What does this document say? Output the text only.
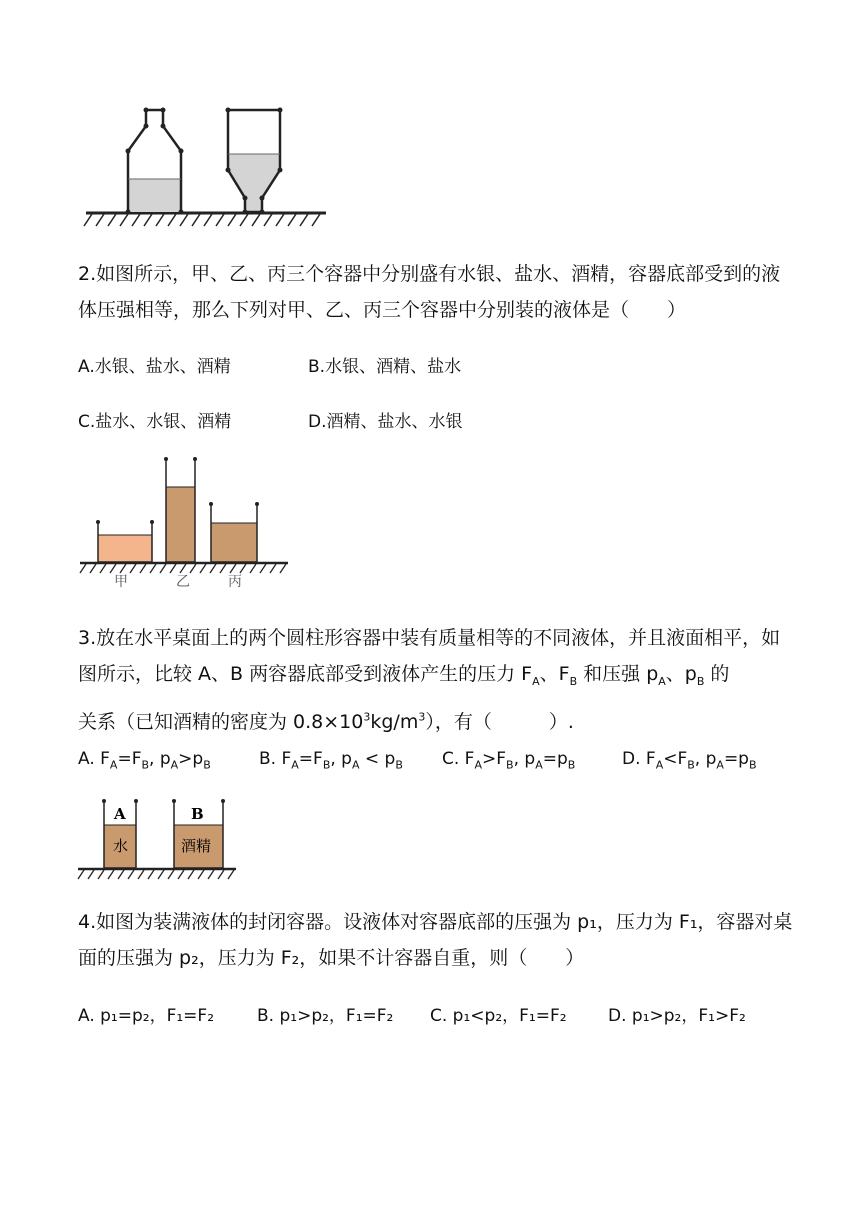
2.如图所示，甲、乙、丙三个容器中分别盛有水银、盐水、酒精，容器底部受到的液体压强相等，那么下列对甲、乙、丙三个容器中分别装的液体是（　　）
A.水银、盐水、酒精	B.水银、酒精、盐水
C.盐水、水银、酒精	D.酒精、盐水、水银
甲	乙	丙
3.放在水平桌面上的两个圆柱形容器中装有质量相等的不同液体，并且液面相平，如图所示，比较 A、B 两容器底部受到液体产生的压力 $F_A$、$F_B$ 和压强 $p_A$、$p_B$ 的
关系（已知酒精的密度为 $0.8\times 10^3kg/m^3$），有（　　　）.
A. $F_A=F_B$, $p_A>p_B$	B. $F_A=F_B$, $p_A < p_B$ C. $F_A>F_B$, $p_A=p_B$	D. $F_A<F_B$, $p_A=p_B$
A
水
B
酒精
4.如图为装满液体的封闭容器。设液体对容器底部的压强为 p₁，压力为 F₁，容器对桌面的压强为 p₂，压力为 F₂，如果不计容器自重，则（　　）
A. p₁=p₂，F₁=F₂	B. p₁>p₂，F₁=F₂ C. p₁<p₂，F₁=F₂ D. p₁>p₂，F₁>F₂
